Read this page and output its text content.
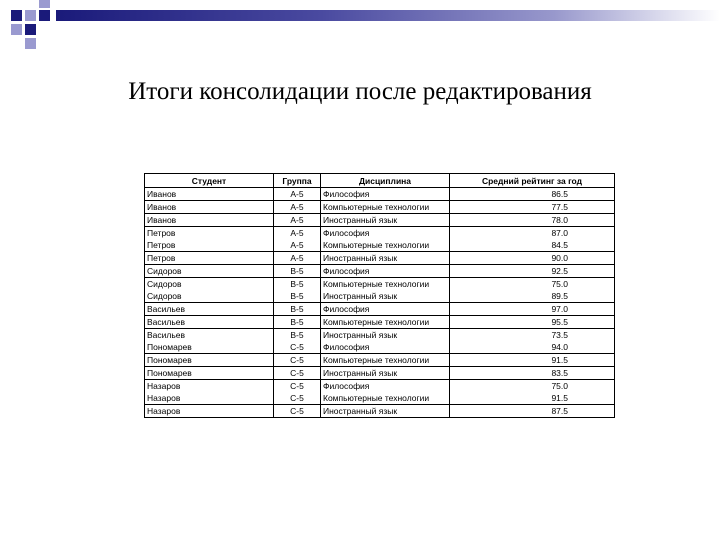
Итоги консолидации после редактирования
Студент	Группа	Дисциплина	Средний рейтинг за год
Иванов	А-5	Философия	86.5
Иванов	А-5	Компьютерные технологии	77.5
Иванов	А-5	Иностранный язык	78.0
Петров	А-5	Философия	87.0
Петров	А-5	Компьютерные технологии	84.5
Петров	А-5	Иностранный язык	90.0
Сидоров	В-5	Философия	92.5
Сидоров	В-5	Компьютерные технологии	75.0
Сидоров	В-5	Иностранный язык	89.5
Васильев	В-5	Философия	97.0
Васильев	В-5	Компьютерные технологии	95.5
Васильев	В-5	Иностранный язык	73.5
Пономарев	С-5	Философия	94.0
Пономарев	С-5	Компьютерные технологии	91.5
Пономарев	С-5	Иностранный язык	83.5
Назаров	С-5	Философия	75.0
Назаров	С-5	Компьютерные технологии	91.5
Назаров	С-5	Иностранный язык	87.5
